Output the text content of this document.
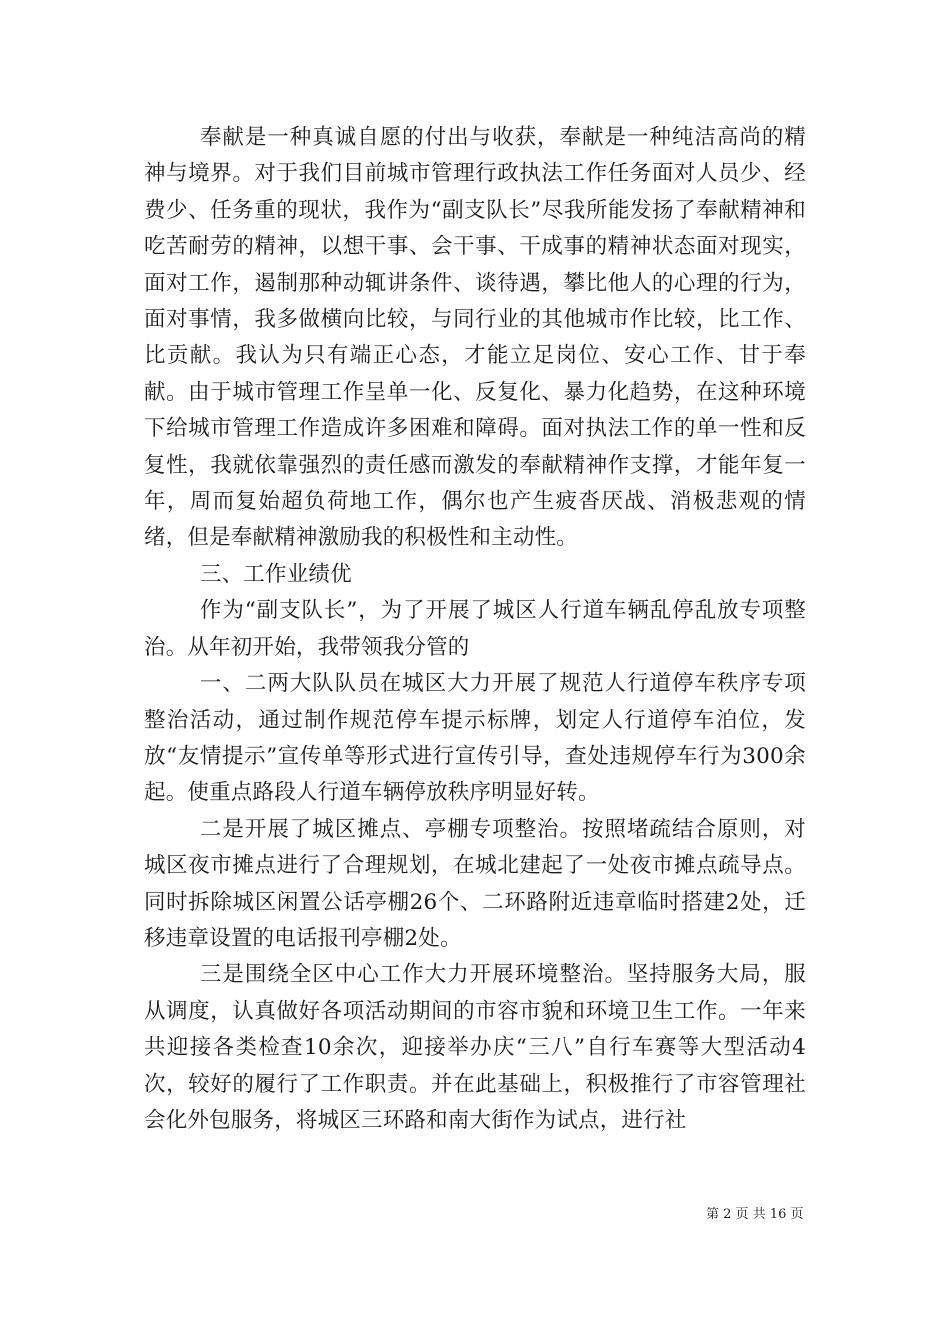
奉献是一种真诚自愿的付出与收获，奉献是一种纯洁高尚的精神与境界。对于我们目前城市管理行政执法工作任务面对人员少、经费少、任务重的现状，我作为“副支队长”尽我所能发扬了奉献精神和吃苦耐劳的精神，以想干事、会干事、干成事的精神状态面对现实，面对工作，遏制那种动辄讲条件、谈待遇，攀比他人的心理的行为，面对事情，我多做横向比较，与同行业的其他城市作比较，比工作、比贡献。我认为只有端正心态，才能立足岗位、安心工作、甘于奉献。由于城市管理工作呈单一化、反复化、暴力化趋势，在这种环境下给城市管理工作造成许多困难和障碍。面对执法工作的单一性和反复性，我就依靠强烈的责任感而激发的奉献精神作支撑，才能年复一年，周而复始超负荷地工作，偶尔也产生疲沓厌战、消极悲观的情绪，但是奉献精神激励我的积极性和主动性。

三、工作业绩优

作为“副支队长”，为了开展了城区人行道车辆乱停乱放专项整治。从年初开始，我带领我分管的

一、二两大队队员在城区大力开展了规范人行道停车秩序专项整治活动，通过制作规范停车提示标牌，划定人行道停车泊位，发放“友情提示”宣传单等形式进行宣传引导，查处违规停车行为300余起。使重点路段人行道车辆停放秩序明显好转。

二是开展了城区摊点、亭棚专项整治。按照堵疏结合原则，对城区夜市摊点进行了合理规划，在城北建起了一处夜市摊点疏导点。同时拆除城区闲置公话亭棚26个、二环路附近违章临时搭建2处，迁移违章设置的电话报刊亭棚2处。

三是围绕全区中心工作大力开展环境整治。坚持服务大局，服从调度，认真做好各项活动期间的市容市貌和环境卫生工作。一年来共迎接各类检查10余次，迎接举办庆“三八”自行车赛等大型活动4次，较好的履行了工作职责。并在此基础上，积极推行了市容管理社会化外包服务，将城区三环路和南大街作为试点，进行社

第 2 页 共 16 页
